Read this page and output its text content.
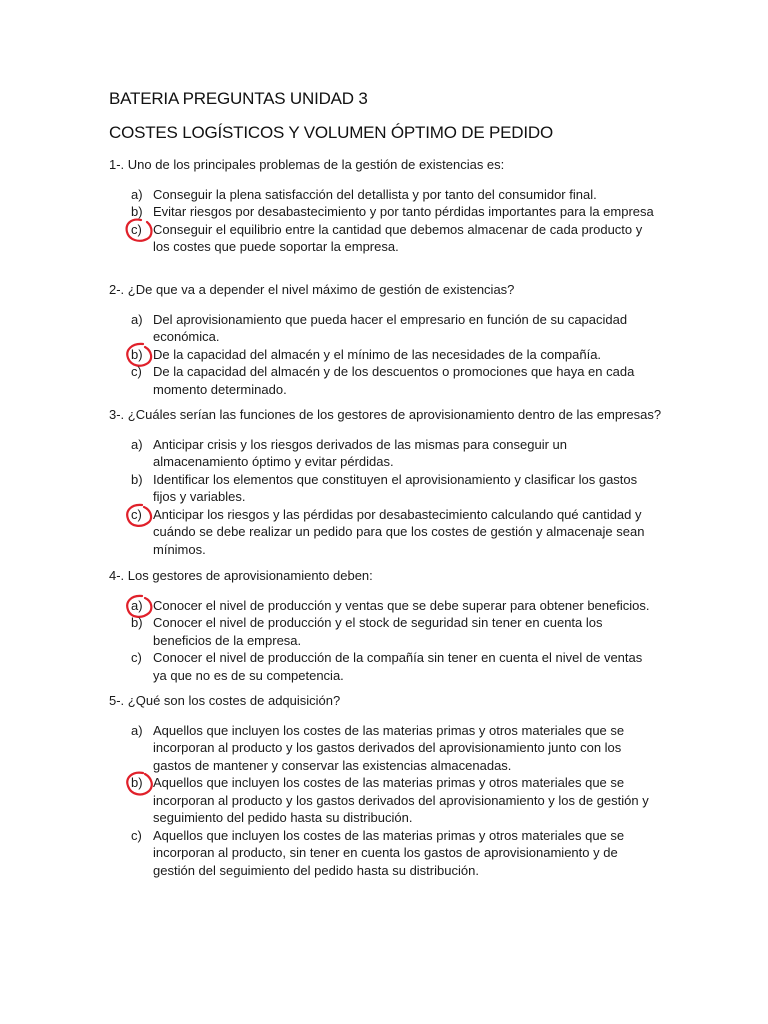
BATERIA PREGUNTAS UNIDAD 3
COSTES LOGÍSTICOS Y VOLUMEN ÓPTIMO DE PEDIDO

1-. Uno de los principales problemas de la gestión de existencias es:

a) Conseguir la plena satisfacción del detallista y por tanto del consumidor final.
b) Evitar riesgos por desabastecimiento y por tanto pérdidas importantes para la empresa
c) Conseguir el equilibrio entre la cantidad que debemos almacenar de cada producto y los costes que puede soportar la empresa.

2-. ¿De que va a depender el nivel máximo de gestión de existencias?

a) Del aprovisionamiento que pueda hacer el empresario en función de su capacidad económica.
b) De la capacidad del almacén y el mínimo de las necesidades de la compañía.
c) De la capacidad del almacén y de los descuentos o promociones que haya en cada momento determinado.

3-. ¿Cuáles serían las funciones de los gestores de aprovisionamiento dentro de las empresas?

a) Anticipar crisis y los riesgos derivados de las mismas para conseguir un almacenamiento óptimo y evitar pérdidas.
b) Identificar los elementos que constituyen el aprovisionamiento y clasificar los gastos fijos y variables.
c) Anticipar los riesgos y las pérdidas por desabastecimiento calculando qué cantidad y cuándo se debe realizar un pedido para que los costes de gestión y almacenaje sean mínimos.

4-. Los gestores de aprovisionamiento deben:

a) Conocer el nivel de producción y ventas que se debe superar para obtener beneficios.
b) Conocer el nivel de producción y el stock de seguridad sin tener en cuenta los beneficios de la empresa.
c) Conocer el nivel de producción de la compañía sin tener en cuenta el nivel de ventas ya que no es de su competencia.

5-. ¿Qué son los costes de adquisición?

a) Aquellos que incluyen los costes de las materias primas y otros materiales que se incorporan al producto y los gastos derivados del aprovisionamiento junto con los gastos de mantener y conservar las existencias almacenadas.
b) Aquellos que incluyen los costes de las materias primas y otros materiales que se incorporan al producto y los gastos derivados del aprovisionamiento y los de gestión y seguimiento del pedido hasta su distribución.
c) Aquellos que incluyen los costes de las materias primas y otros materiales que se incorporan al producto, sin tener en cuenta los gastos de aprovisionamiento y de gestión del seguimiento del pedido hasta su distribución.
